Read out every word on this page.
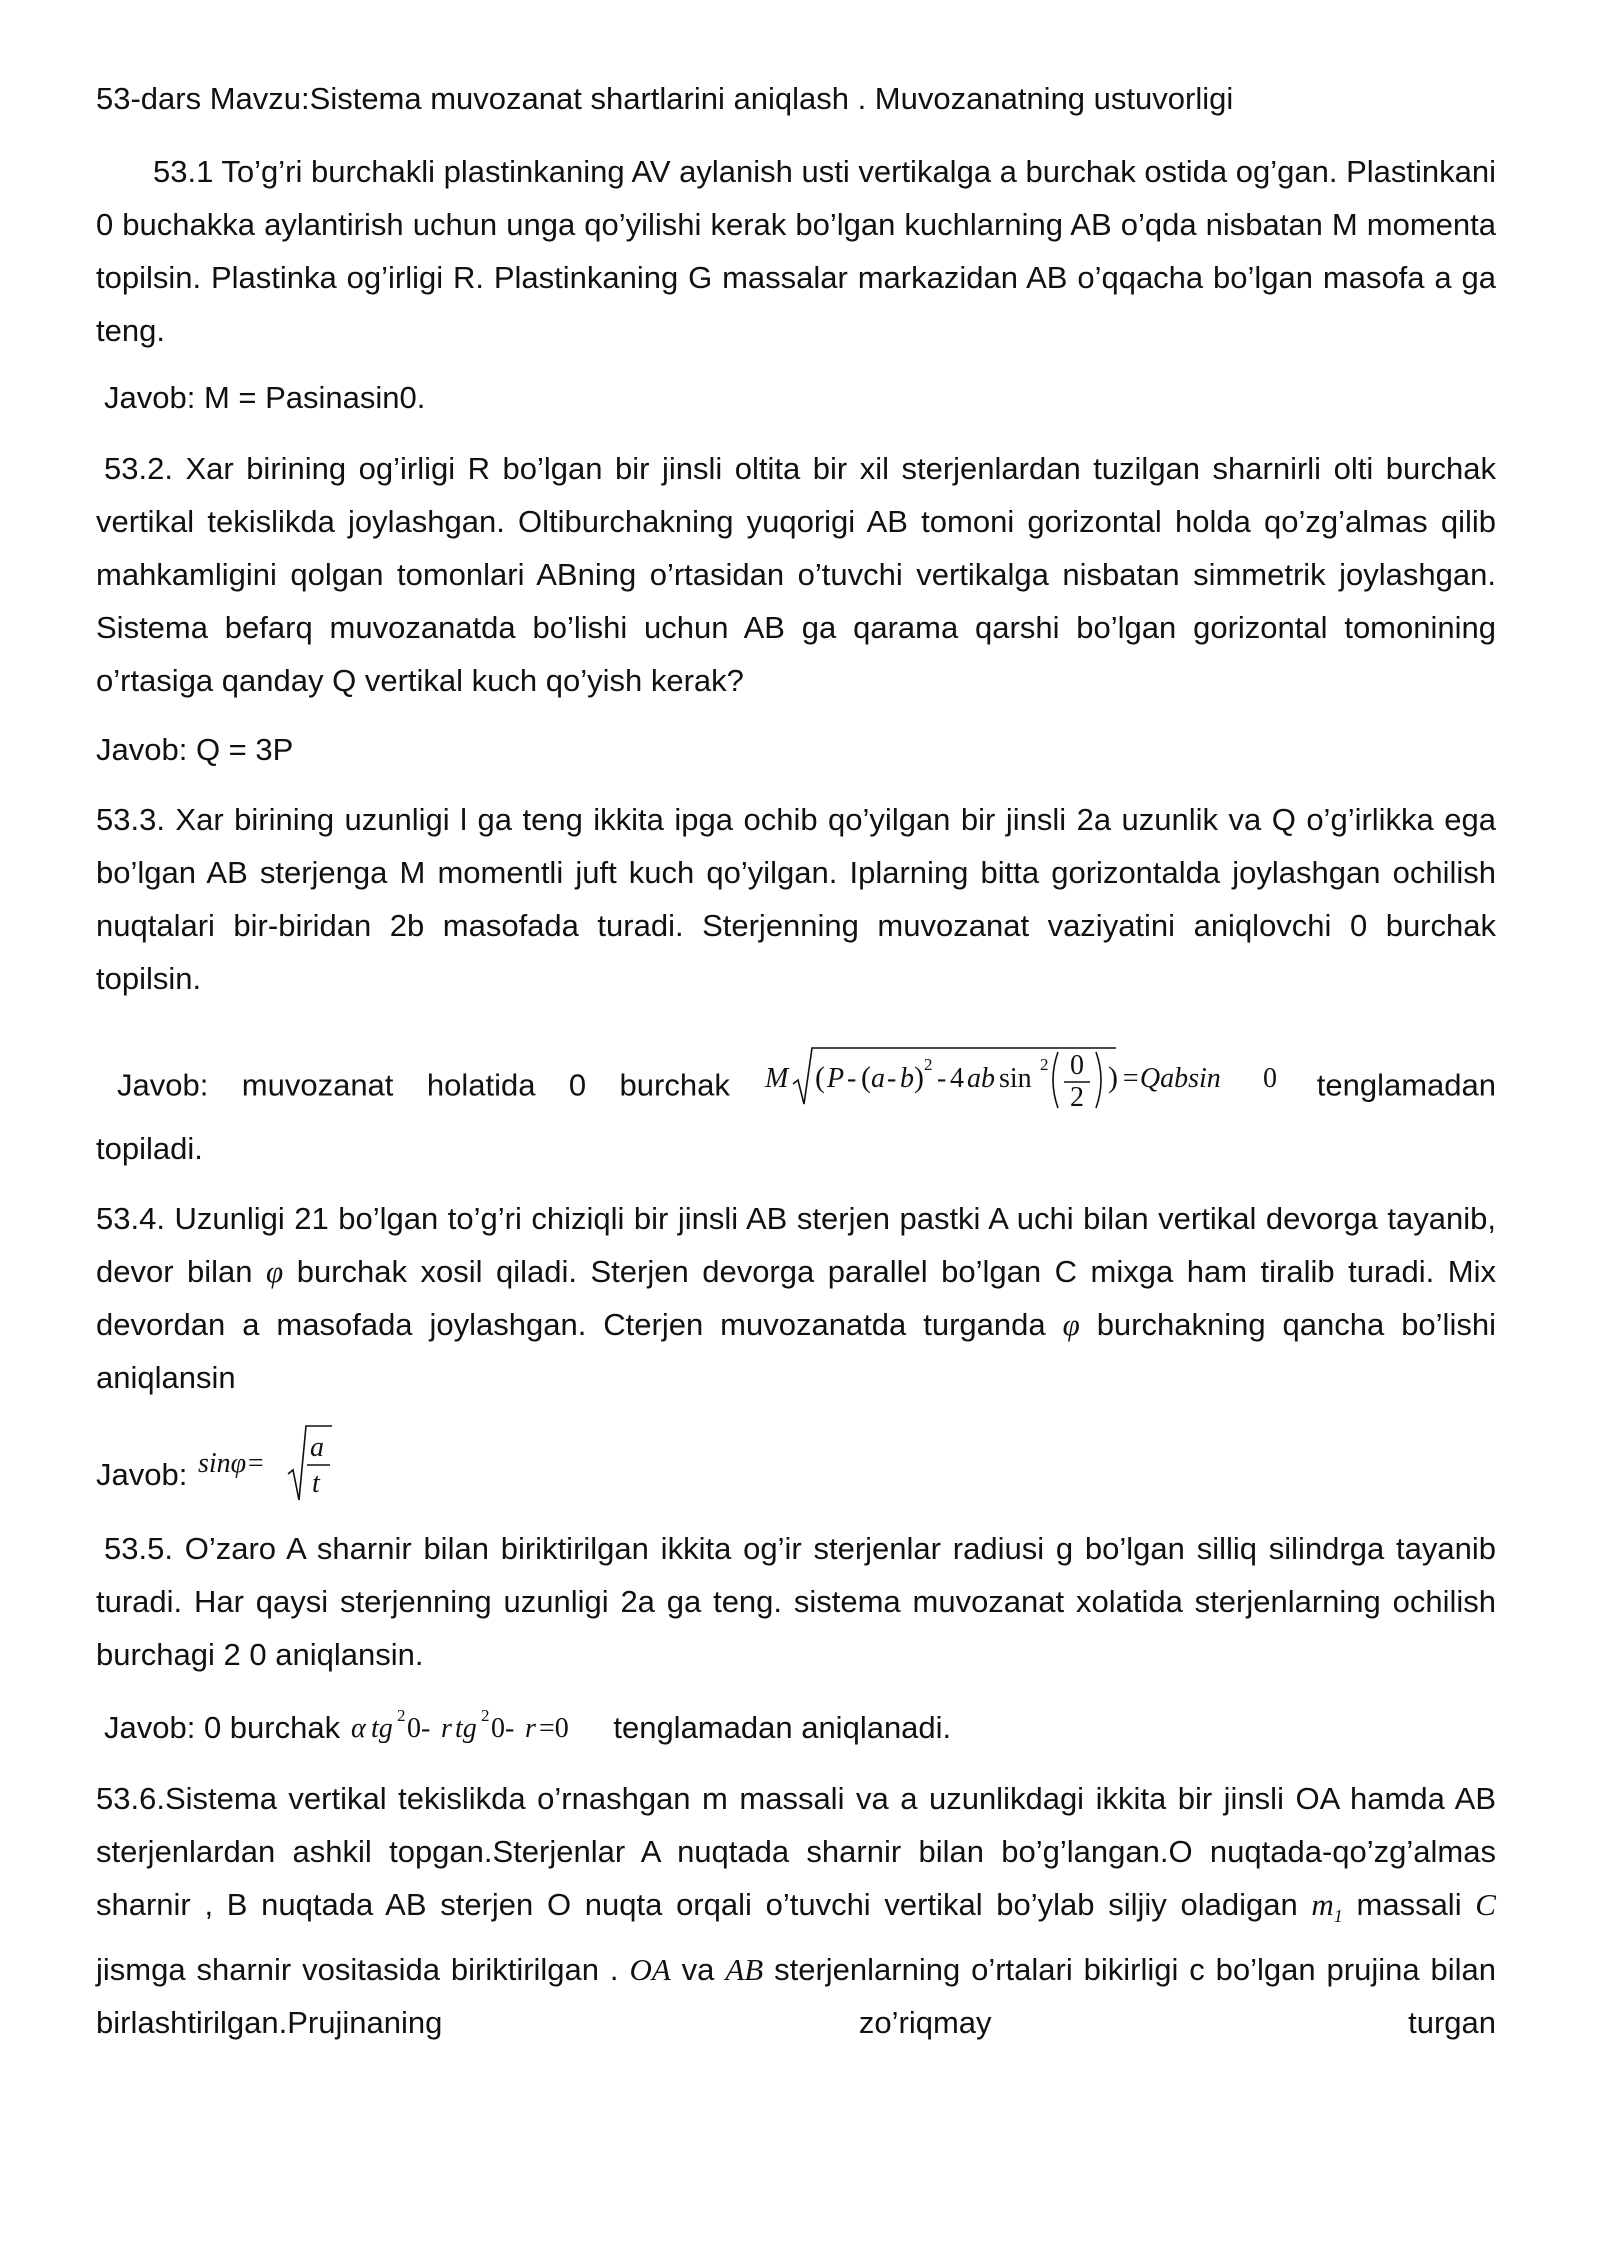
53-dars Mavzu:Sistema muvozanat shartlarini aniqlash . Muvozanatning ustuvorligi
53.1 To’g’ri burchakli plastinkaning AV aylanish usti vertikalga a burchak ostida og’gan. Plastinkani 0 buchakka aylantirish uchun unga qo’yilishi kerak bo’lgan kuchlarning AB o’qda nisbatan M momenta topilsin. Plastinka og’irligi R. Plastinkaning G massalar markazidan AB o’qqacha bo’lgan masofa a ga teng.
Javob: M = Pasinasin0.
53.2. Xar birining og’irligi R bo’lgan bir jinsli oltita bir xil sterjenlardan tuzilgan sharnirli olti burchak vertikal tekislikda joylashgan. Oltiburchakning yuqorigi AB tomoni gorizontal holda qo’zg’almas qilib mahkamligini qolgan tomonlari ABning o’rtasidan o’tuvchi vertikalga nisbatan simmetrik joylashgan. Sistema befarq muvozanatda bo’lishi uchun AB ga qarama qarshi bo’lgan gorizontal tomonining o’rtasiga qanday Q vertikal kuch qo’yish kerak?
Javob: Q = 3P
53.3. Xar birining uzunligi l ga teng ikkita ipga ochib qo’yilgan bir jinsli 2a uzunlik va Q o’g’irlikka ega bo’lgan AB sterjenga M momentli juft kuch qo’yilgan. Iplarning bitta gorizontalda joylashgan ochilish nuqtalari bir-biridan 2b masofada turadi. Sterjenning muvozanat vaziyatini aniqlovchi 0 burchak topilsin.
Javob: muvozanat holatida 0 burchak M ( P - ( a - b ) 2 - 4 ab sin 2 0
2
) =Qabsin 0 tenglamadan
topiladi.
53.4. Uzunligi 21 bo’lgan to’g’ri chiziqli bir jinsli AB sterjen pastki A uchi bilan vertikal devorga tayanib, devor bilan φ burchak xosil qiladi. Sterjen devorga parallel bo’lgan C mixga ham tiralib turadi. Mix devordan a masofada joylashgan. Cterjen muvozanatda turganda φ burchakning qancha bo’lishi aniqlansin
Javob: sinφ=
a
t
53.5. O’zaro A sharnir bilan biriktirilgan ikkita og’ir sterjenlar radiusi g bo’lgan silliq silindrga tayanib turadi. Har qaysi sterjenning uzunligi 2a ga teng. sistema muvozanat xolatida sterjenlarning ochilish burchagi 2 0 aniqlansin.
Javob: 0 burchak α tg 2 0- r tg 2 0- r =0 tenglamadan aniqlanadi.
53.6.Sistema vertikal tekislikda o’rnashgan m massali va a uzunlikdagi ikkita bir jinsli OA hamda AB sterjenlardan ashkil topgan.Sterjenlar A nuqtada sharnir bilan bo’g’langan.O nuqtada-qo’zg’almas sharnir , B nuqtada AB sterjen O nuqta orqali o’tuvchi vertikal bo’ylab siljiy oladigan $m_1$ massali C jismga sharnir vositasida biriktirilgan . OA va AB sterjenlarning o’rtalari bikirligi c bo’lgan prujina bilan birlashtirilgan.Prujinaning zo’riqmay turgan
